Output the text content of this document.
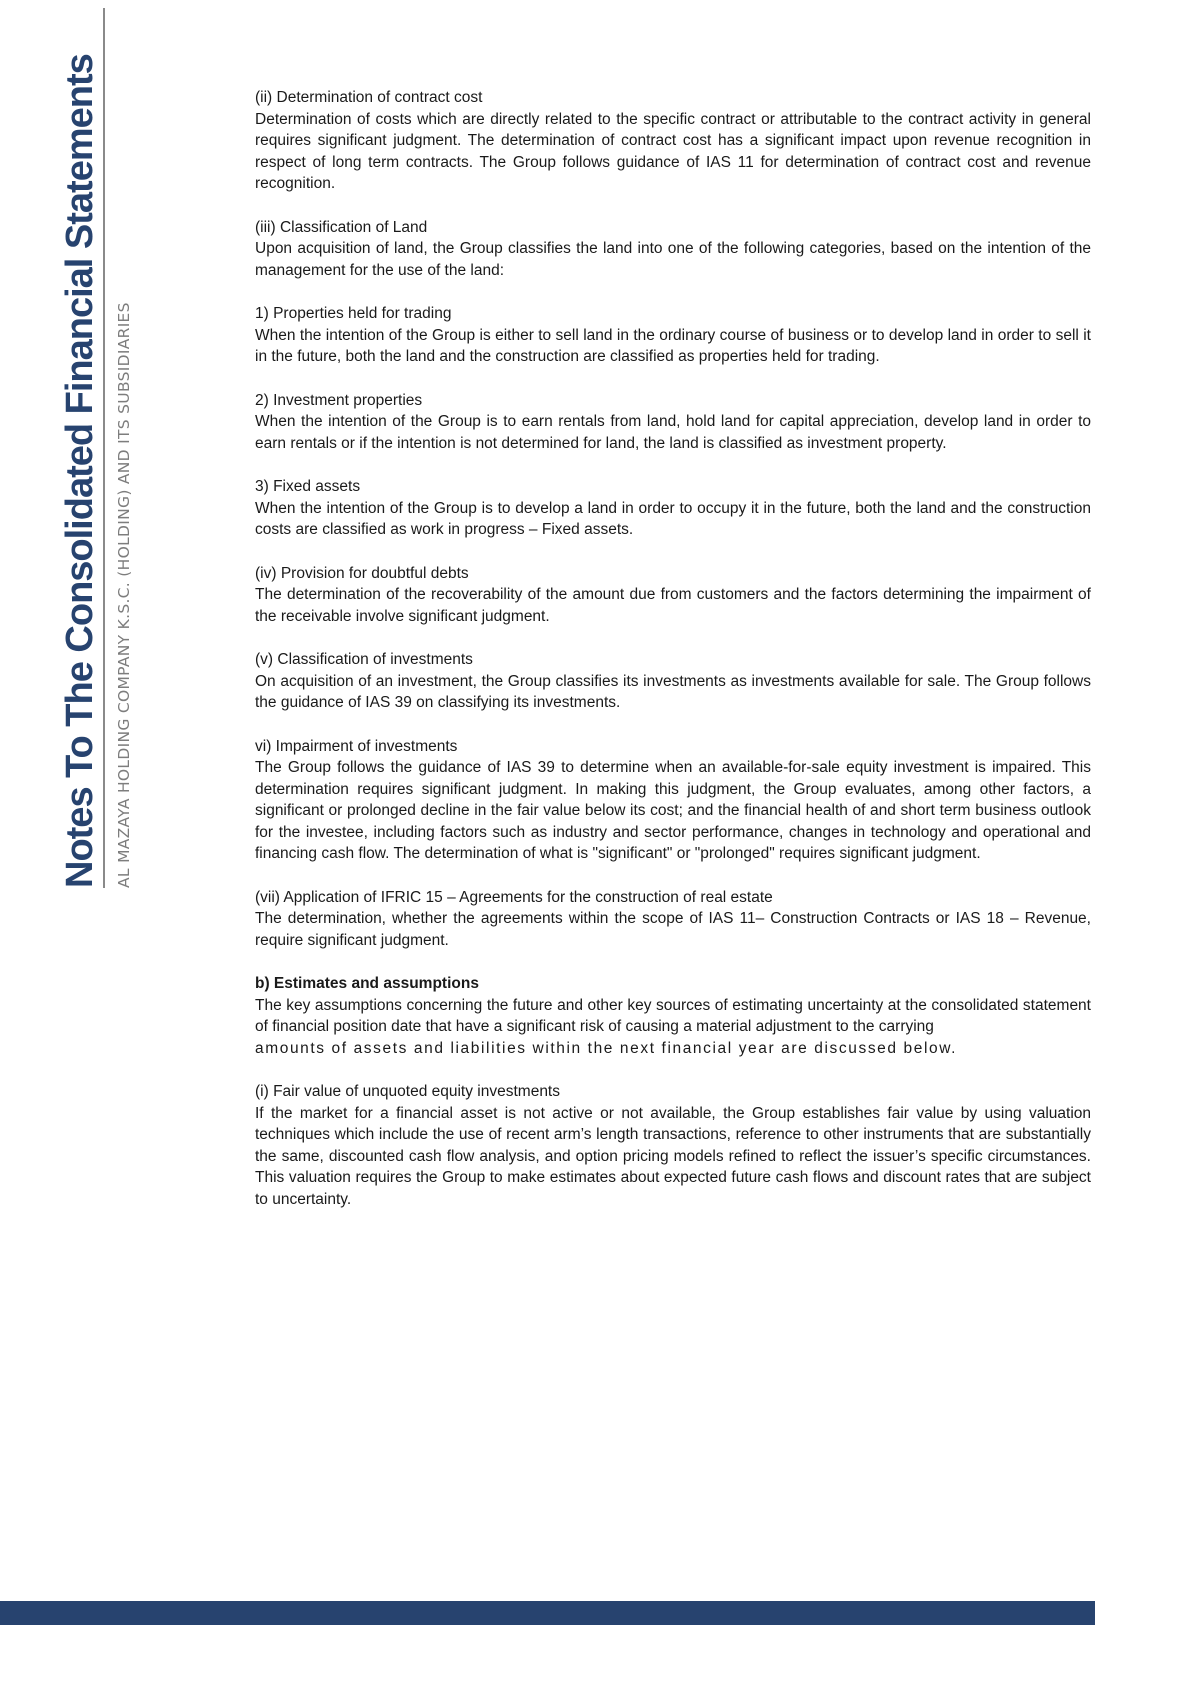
Notes To The Consolidated Financial Statements AL MAZAYA HOLDING COMPANY K.S.C. (HOLDING) AND ITS SUBSIDIARIES
(ii) Determination of contract cost
Determination of costs which are directly related to the specific contract or attributable to the contract activity in general requires significant judgment. The determination of contract cost has a significant impact upon revenue recognition in respect of long term contracts. The Group follows guidance of IAS 11 for determination of contract cost and revenue recognition.
(iii) Classification of Land
Upon acquisition of land, the Group classifies the land into one of the following categories, based on the intention of the management for the use of the land:
1) Properties held for trading
When the intention of the Group is either to sell land in the ordinary course of business or to develop land in order to sell it in the future, both the land and the construction are classified as properties held for trading.
2) Investment properties
When the intention of the Group is to earn rentals from land, hold land for capital appreciation, develop land in order to earn rentals or if the intention is not determined for land, the land is classified as investment property.
3) Fixed assets
When the intention of the Group is to develop a land in order to occupy it in the future, both the land and the construction costs are classified as work in progress – Fixed assets.
(iv) Provision for doubtful debts
The determination of the recoverability of the amount due from customers and the factors determining the impairment of the receivable involve significant judgment.
(v) Classification of investments
On acquisition of an investment, the Group classifies its investments as investments available for sale. The Group follows the guidance of IAS 39 on classifying its investments.
vi) Impairment of investments
The Group follows the guidance of IAS 39 to determine when an available-for-sale equity investment is impaired. This determination requires significant judgment. In making this judgment, the Group evaluates, among other factors, a significant or prolonged decline in the fair value below its cost; and the financial health of and short term business outlook for the investee, including factors such as industry and sector performance, changes in technology and operational and financing cash flow. The determination of what is "significant" or "prolonged" requires significant judgment.
(vii) Application of IFRIC 15 – Agreements for the construction of real estate
The determination, whether the agreements within the scope of IAS 11– Construction Contracts or IAS 18 – Revenue, require significant judgment.
b) Estimates and assumptions
The key assumptions concerning the future and other key sources of estimating uncertainty at the consolidated statement of financial position date that have a significant risk of causing a material adjustment to the carrying
amounts of assets and liabilities within the next financial year are discussed below.
(i) Fair value of unquoted equity investments
If the market for a financial asset is not active or not available, the Group establishes fair value by using valuation techniques which include the use of recent arm’s length transactions, reference to other instruments that are substantially the same, discounted cash flow analysis, and option pricing models refined to reflect the issuer’s specific circumstances. This valuation requires the Group to make estimates about expected future cash flows and discount rates that are subject to uncertainty.
